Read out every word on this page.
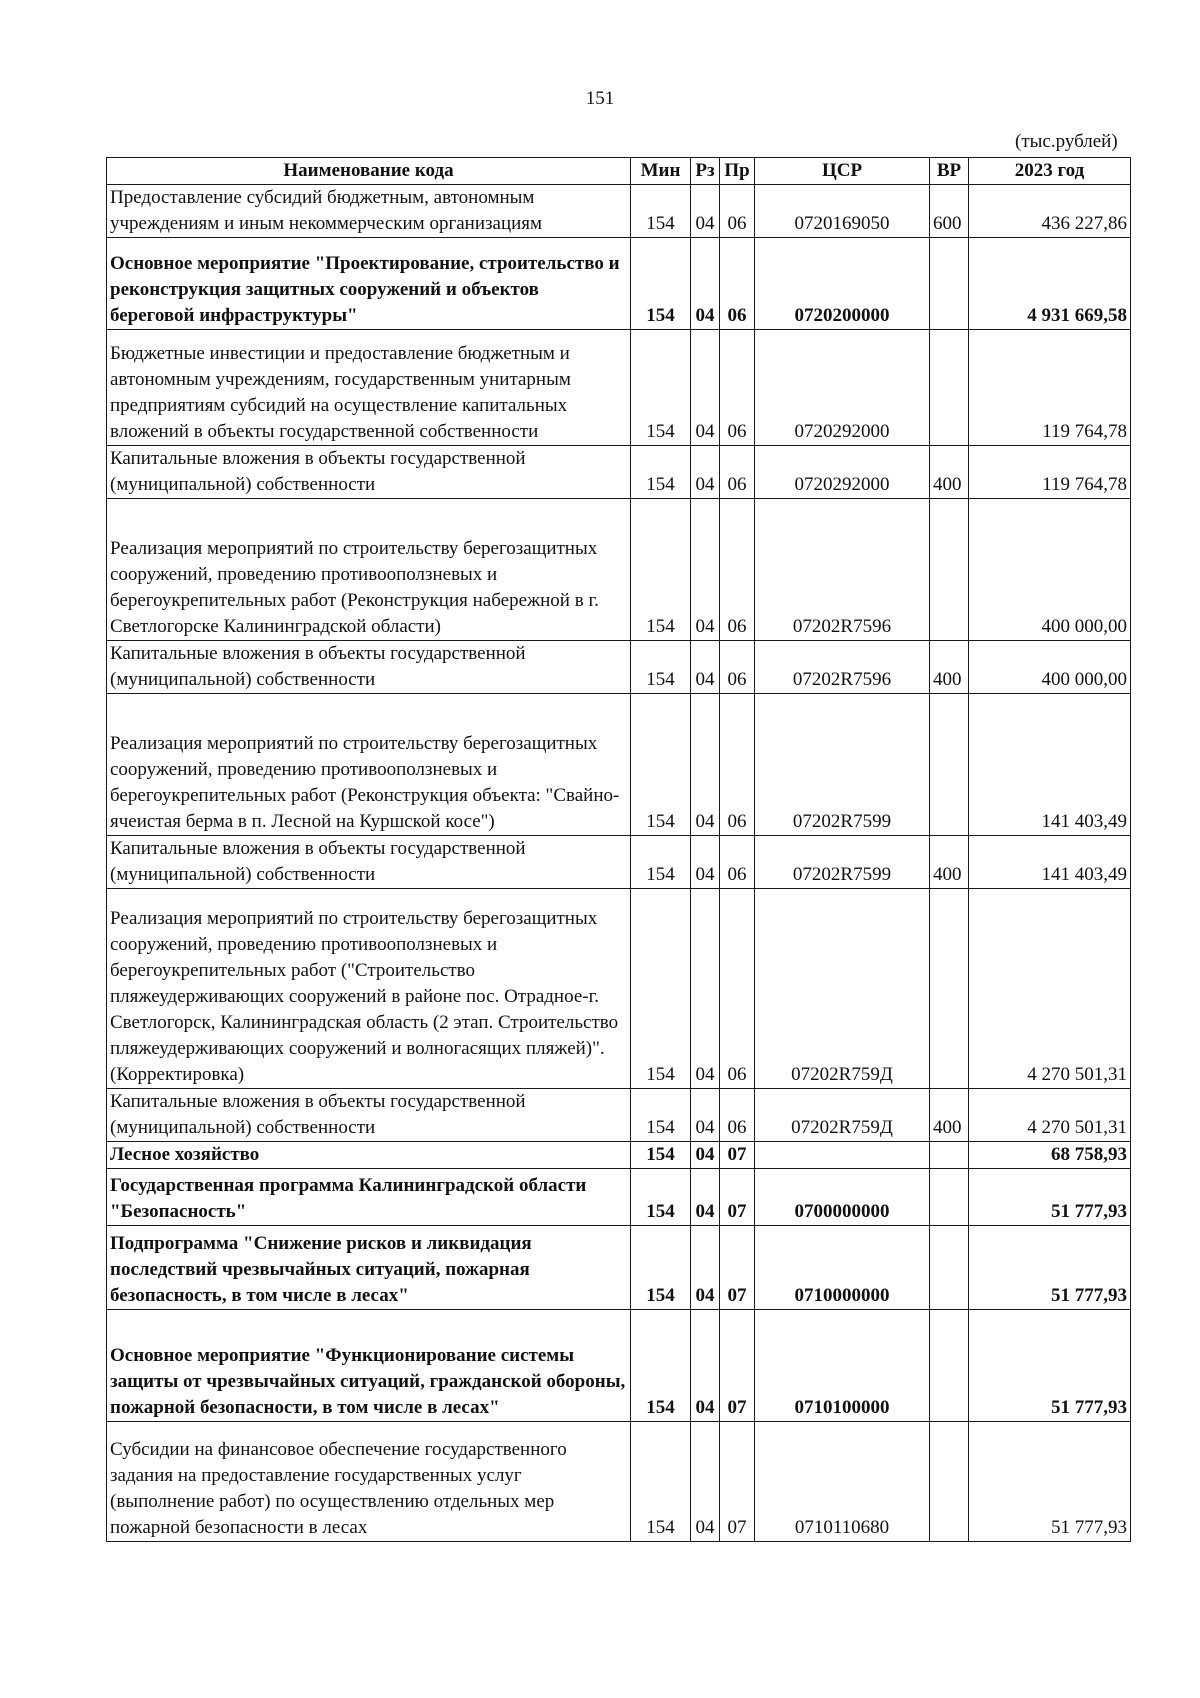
151
(тыс.рублей)
Наименование кода	Мин	Рз	Пр	ЦСР	ВР	2023 год
Предоставление субсидий бюджетным, автономным учреждениям и иным некоммерческим организациям	154	04	06	0720169050	600	436 227,86
Основное мероприятие "Проектирование, строительство и реконструкция защитных сооружений и объектов береговой инфраструктуры"	154	04	06	0720200000		4 931 669,58
Бюджетные инвестиции и предоставление бюджетным и автономным учреждениям, государственным унитарным предприятиям субсидий на осуществление капитальных вложений в объекты государственной собственности	154	04	06	0720292000		119 764,78
Капитальные вложения в объекты государственной (муниципальной) собственности	154	04	06	0720292000	400	119 764,78
Реализация мероприятий по строительству берегозащитных сооружений, проведению противооползневых и берегоукрепительных работ (Реконструкция набережной в г. Светлогорске Калининградской области)	154	04	06	07202R7596		400 000,00
Капитальные вложения в объекты государственной (муниципальной) собственности	154	04	06	07202R7596	400	400 000,00
Реализация мероприятий по строительству берегозащитных сооружений, проведению противооползневых и берегоукрепительных работ (Реконструкция объекта: "Свайно-ячеистая берма в п. Лесной на Куршской косе")	154	04	06	07202R7599		141 403,49
Капитальные вложения в объекты государственной (муниципальной) собственности	154	04	06	07202R7599	400	141 403,49
Реализация мероприятий по строительству берегозащитных сооружений, проведению противооползневых и берегоукрепительных работ ("Строительство пляжеудерживающих сооружений в районе пос. Отрадное-г. Светлогорск, Калининградская область (2 этап. Строительство пляжеудерживающих сооружений и волногасящих пляжей)". (Корректировка)	154	04	06	07202R759Д		4 270 501,31
Капитальные вложения в объекты государственной (муниципальной) собственности	154	04	06	07202R759Д	400	4 270 501,31
Лесное хозяйство	154	04	07			68 758,93
Государственная программа Калининградской области "Безопасность"	154	04	07	0700000000		51 777,93
Подпрограмма "Снижение рисков и ликвидация последствий чрезвычайных ситуаций, пожарная безопасность, в том числе в лесах"	154	04	07	0710000000		51 777,93
Основное мероприятие "Функционирование системы защиты от чрезвычайных ситуаций, гражданской обороны, пожарной безопасности, в том числе в лесах"	154	04	07	0710100000		51 777,93
Субсидии на финансовое обеспечение государственного задания на предоставление государственных услуг (выполнение работ) по осуществлению отдельных мер пожарной безопасности в лесах	154	04	07	0710110680		51 777,93
